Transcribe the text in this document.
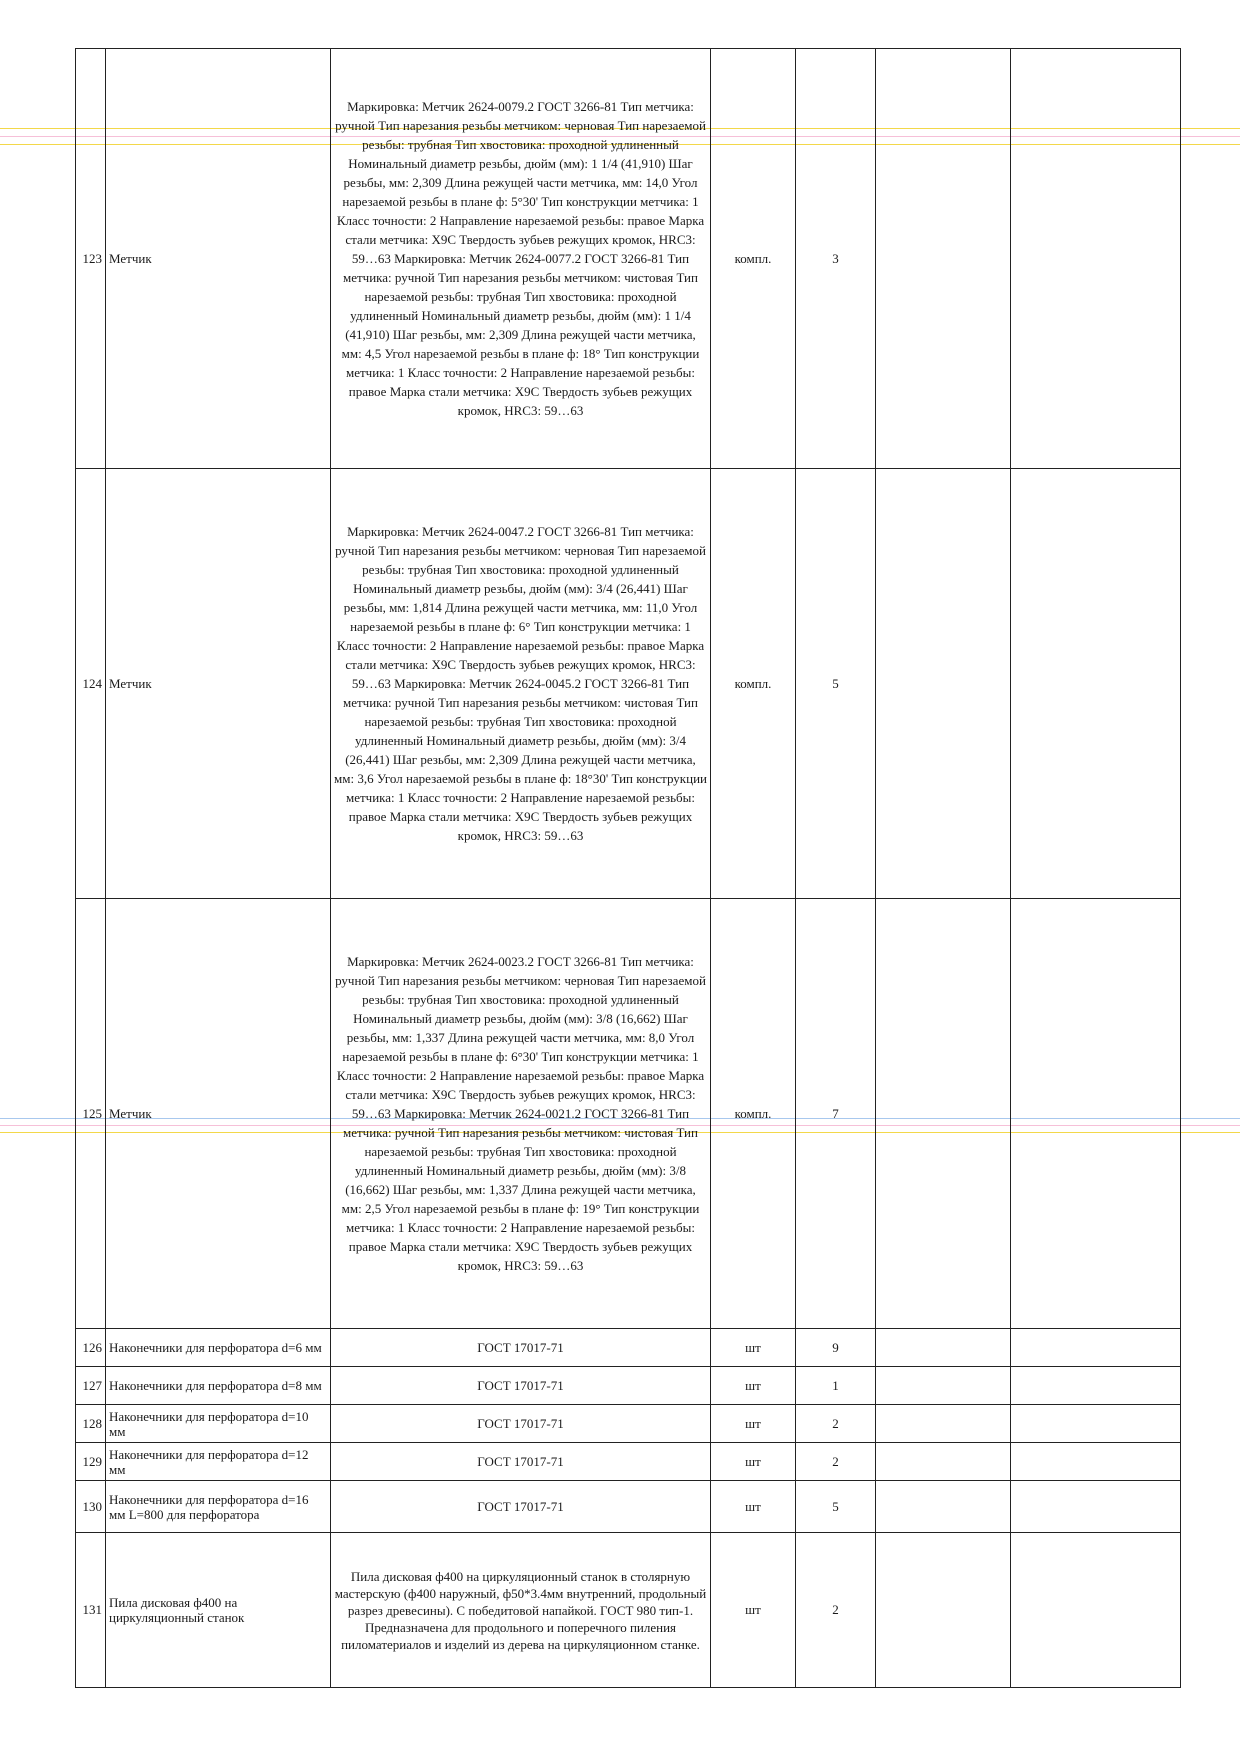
123	Метчик	Маркировка: Метчик 2624-0079.2 ГОСТ 3266-81 Тип метчика: ручной Тип нарезания резьбы метчиком: черновая Тип нарезаемой резьбы: трубная Тип хвостовика: проходной удлиненный Номинальный диаметр резьбы, дюйм (мм): 1 1/4 (41,910) Шаг резьбы, мм: 2,309 Длина режущей части метчика, мм: 14,0 Угол нарезаемой резьбы в плане ф: 5°30' Тип конструкции метчика: 1 Класс точности: 2 Направление нарезаемой резьбы: правое Марка стали метчика: Х9С Твердость зубьев режущих кромок, HRC3: 59…63 Маркировка: Метчик 2624-0077.2 ГОСТ 3266-81 Тип метчика: ручной Тип нарезания резьбы метчиком: чистовая Тип нарезаемой резьбы: трубная Тип хвостовика: проходной удлиненный Номинальный диаметр резьбы, дюйм (мм): 1 1/4 (41,910) Шаг резьбы, мм: 2,309 Длина режущей части метчика, мм: 4,5 Угол нарезаемой резьбы в плане ф: 18° Тип конструкции метчика: 1 Класс точности: 2 Направление нарезаемой резьбы: правое Марка стали метчика: Х9С Твердость зубьев режущих кромок, HRC3: 59…63	компл.	3		
124	Метчик	Маркировка: Метчик 2624-0047.2 ГОСТ 3266-81 Тип метчика: ручной Тип нарезания резьбы метчиком: черновая Тип нарезаемой резьбы: трубная Тип хвостовика: проходной удлиненный Номинальный диаметр резьбы, дюйм (мм): 3/4 (26,441) Шаг резьбы, мм: 1,814 Длина режущей части метчика, мм: 11,0 Угол нарезаемой резьбы в плане ф: 6° Тип конструкции метчика: 1 Класс точности: 2 Направление нарезаемой резьбы: правое Марка стали метчика: Х9С Твердость зубьев режущих кромок, HRC3: 59…63 Маркировка: Метчик 2624-0045.2 ГОСТ 3266-81 Тип метчика: ручной Тип нарезания резьбы метчиком: чистовая Тип нарезаемой резьбы: трубная Тип хвостовика: проходной удлиненный Номинальный диаметр резьбы, дюйм (мм): 3/4 (26,441) Шаг резьбы, мм: 2,309 Длина режущей части метчика, мм: 3,6 Угол нарезаемой резьбы в плане ф: 18°30' Тип конструкции метчика: 1 Класс точности: 2 Направление нарезаемой резьбы: правое Марка стали метчика: Х9С Твердость зубьев режущих кромок, HRC3: 59…63	компл.	5		
125	Метчик	Маркировка: Метчик 2624-0023.2 ГОСТ 3266-81 Тип метчика: ручной Тип нарезания резьбы метчиком: черновая Тип нарезаемой резьбы: трубная Тип хвостовика: проходной удлиненный Номинальный диаметр резьбы, дюйм (мм): 3/8 (16,662) Шаг резьбы, мм: 1,337 Длина режущей части метчика, мм: 8,0 Угол нарезаемой резьбы в плане ф: 6°30' Тип конструкции метчика: 1 Класс точности: 2 Направление нарезаемой резьбы: правое Марка стали метчика: Х9С Твердость зубьев режущих кромок, HRC3: 59…63 Маркировка: Метчик 2624-0021.2 ГОСТ 3266-81 Тип метчика: ручной Тип нарезания резьбы метчиком: чистовая Тип нарезаемой резьбы: трубная Тип хвостовика: проходной удлиненный Номинальный диаметр резьбы, дюйм (мм): 3/8 (16,662) Шаг резьбы, мм: 1,337 Длина режущей части метчика, мм: 2,5 Угол нарезаемой резьбы в плане ф: 19° Тип конструкции метчика: 1 Класс точности: 2 Направление нарезаемой резьбы: правое Марка стали метчика: Х9С Твердость зубьев режущих кромок, HRC3: 59…63	компл.	7		
126	Наконечники для перфоратора d=6 мм	ГОСТ 17017-71	шт	9		
127	Наконечники для перфоратора d=8 мм	ГОСТ 17017-71	шт	1		
128	Наконечники для перфоратора d=10 мм	ГОСТ 17017-71	шт	2		
129	Наконечники для перфоратора d=12 мм	ГОСТ 17017-71	шт	2		
130	Наконечники для перфоратора d=16 мм L=800 для перфоратора	ГОСТ 17017-71	шт	5		
131	Пила дисковая ф400 на циркуляционный станок	Пила дисковая ф400 на циркуляционный станок в столярную мастерскую (ф400 наружный, ф50*3.4мм внутренний, продольный разрез древесины). С победитовой напайкой. ГОСТ 980 тип-1. Предназначена для продольного и поперечного пиления пиломатериалов и изделий из дерева на циркуляционном станке.	шт	2		
